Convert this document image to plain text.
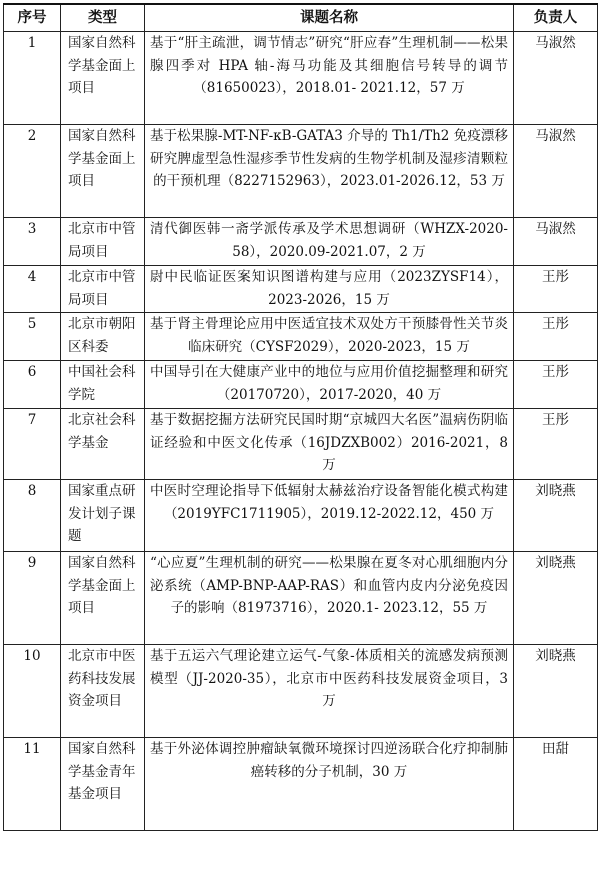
序号	类型	课题名称	负责人
1	国家自然科学基金面上项目	基于“肝主疏泄，调节情志”研究“肝应春”生理机制——松果腺四季对 HPA 轴-海马功能及其细胞信号转导的调节（81650023），2018.01- 2021.12，57 万	马淑然
2	国家自然科学基金面上项目	基于松果腺-MT-NF-κB-GATA3 介导的 Th1/Th2 免疫漂移研究脾虚型急性湿疹季节性发病的生物学机制及湿疹清颗粒的干预机理（8227152963），2023.01-2026.12，53 万	马淑然
3	北京市中管局项目	清代御医韩一斋学派传承及学术思想调研（WHZX-2020-58），2020.09-2021.07，2 万	马淑然
4	北京市中管局项目	尉中民临证医案知识图谱构建与应用（2023ZYSF14），2023-2026，15 万	王彤
5	北京市朝阳区科委	基于肾主骨理论应用中医适宜技术双处方干预膝骨性关节炎临床研究（CYSF2029），2020-2023，15 万	王彤
6	中国社会科学院	中国导引在大健康产业中的地位与应用价值挖掘整理和研究（20170720），2017-2020，40 万	王彤
7	北京社会科学基金	基于数据挖掘方法研究民国时期“京城四大名医”温病伤阴临证经验和中医文化传承（16JDZXB002）2016-2021，8 万	王彤
8	国家重点研发计划子课题	中医时空理论指导下低辐射太赫兹治疗设备智能化模式构建（2019YFC1711905），2019.12-2022.12，450 万	刘晓燕
9	国家自然科学基金面上项目	“心应夏”生理机制的研究——松果腺在夏冬对心肌细胞内分泌系统（AMP-BNP-AAP-RAS）和血管内皮内分泌免疫因子的影响（81973716），2020.1- 2023.12，55 万	刘晓燕
10	北京市中医药科技发展资金项目	基于五运六气理论建立运气-气象-体质相关的流感发病预测模型（JJ-2020-35），北京市中医药科技发展资金项目，3 万	刘晓燕
11	国家自然科学基金青年基金项目	基于外泌体调控肿瘤缺氧微环境探讨四逆汤联合化疗抑制肺癌转移的分子机制，30 万	田甜
